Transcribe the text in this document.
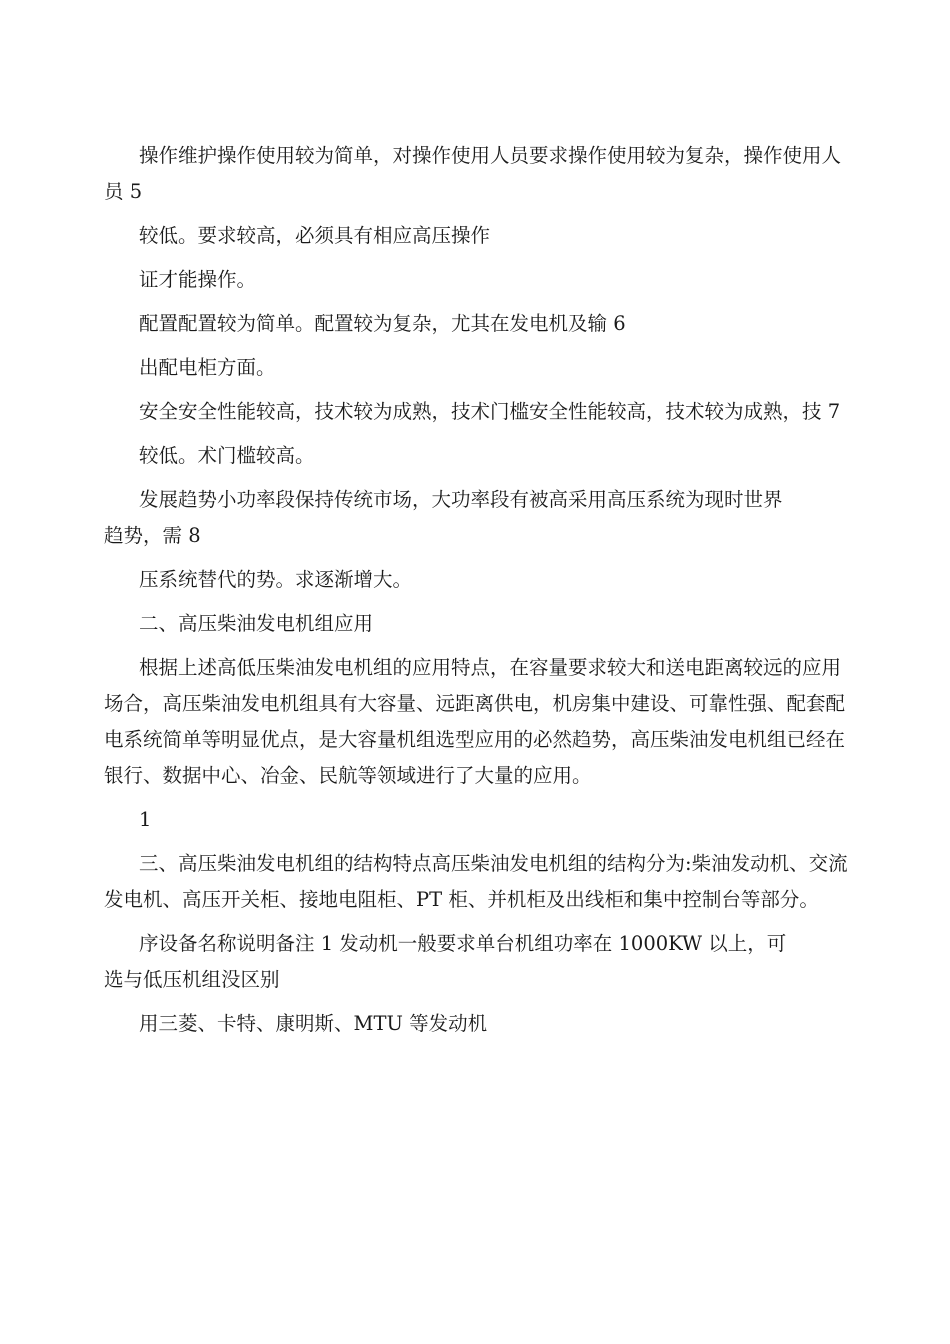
操作维护操作使用较为简单，对操作使用人员要求操作使用较为复杂，操作使用人员 5

较低。要求较高，必须具有相应高压操作

证才能操作。

配置配置较为简单。配置较为复杂，尤其在发电机及输 6

出配电柜方面。

安全安全性能较高，技术较为成熟，技术门槛安全性能较高，技术较为成熟，技 7

较低。术门槛较高。

发展趋势小功率段保持传统市场，大功率段有被高采用高压系统为现时世界

趋势，需 8

压系统替代的势。求逐渐增大。

二、高压柴油发电机组应用

根据上述高低压柴油发电机组的应用特点，在容量要求较大和送电距离较远的应用场合，高压柴油发电机组具有大容量、远距离供电，机房集中建设、可靠性强、配套配电系统简单等明显优点，是大容量机组选型应用的必然趋势，高压柴油发电机组已经在银行、数据中心、冶金、民航等领域进行了大量的应用。

1

三、高压柴油发电机组的结构特点高压柴油发电机组的结构分为:柴油发动机、交流发电机、高压开关柜、接地电阻柜、PT 柜、并机柜及出线柜和集中控制台等部分。

序设备名称说明备注 1 发动机一般要求单台机组功率在 1000KW 以上，可

选与低压机组没区别

用三菱、卡特、康明斯、MTU 等发动机
